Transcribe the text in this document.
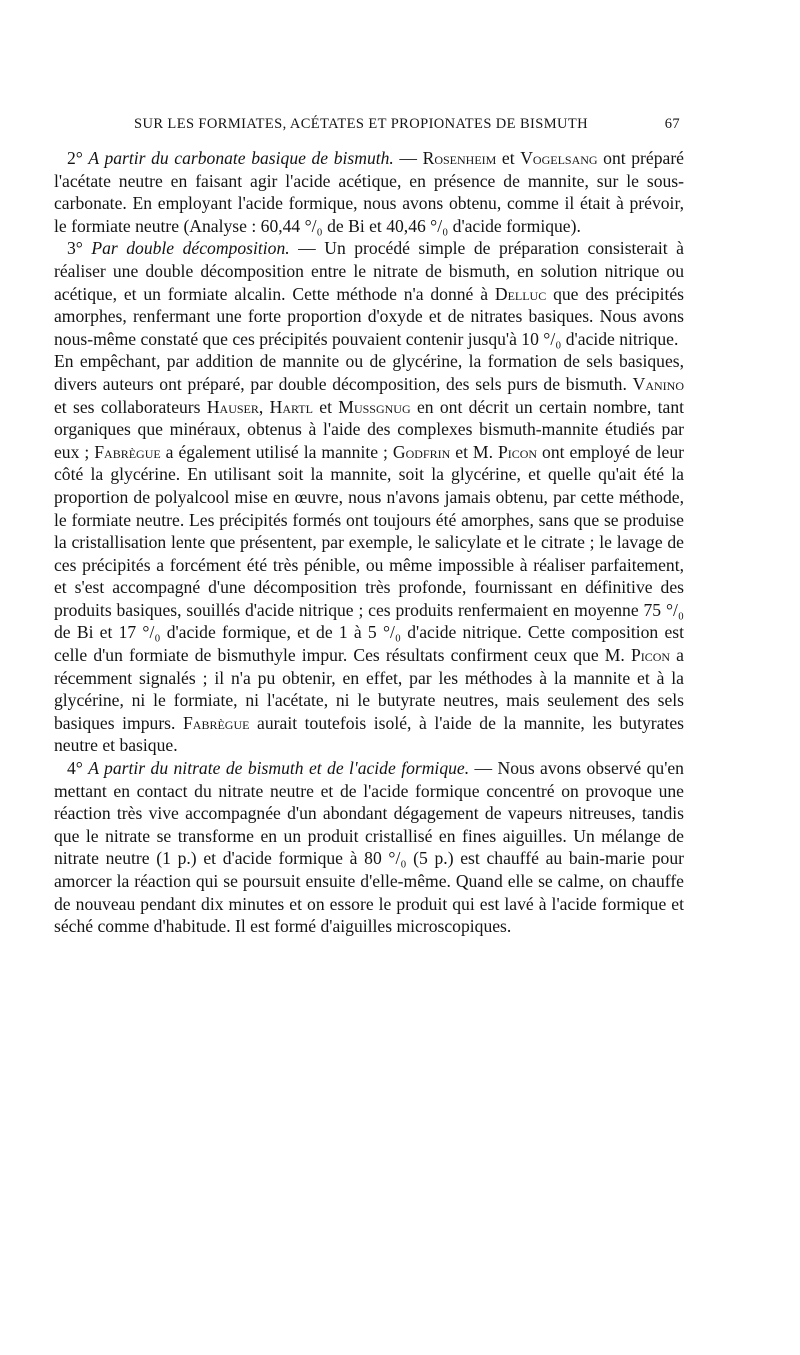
SUR LES FORMIATES, ACÉTATES ET PROPIONATES DE BISMUTH	67

2° A partir du carbonate basique de bismuth. — Rosenheim et Vogelsang ont préparé l'acétate neutre en faisant agir l'acide acétique, en présence de mannite, sur le sous-carbonate. En employant l'acide formique, nous avons obtenu, comme il était à prévoir, le formiate neutre (Analyse : 60,44 °/₀ de Bi et 40,46 °/₀ d'acide formique).

3° Par double décomposition. — Un procédé simple de préparation consisterait à réaliser une double décomposition entre le nitrate de bismuth, en solution nitrique ou acétique, et un formiate alcalin. Cette méthode n'a donné à Delluc que des précipités amorphes, renfermant une forte proportion d'oxyde et de nitrates basiques. Nous avons nous-même constaté que ces précipités pouvaient contenir jusqu'à 10 °/₀ d'acide nitrique.

En empêchant, par addition de mannite ou de glycérine, la formation de sels basiques, divers auteurs ont préparé, par double décomposition, des sels purs de bismuth. Vanino et ses collaborateurs Hauser, Hartl et Mussgnug en ont décrit un certain nombre, tant organiques que minéraux, obtenus à l'aide des complexes bismuth-mannite étudiés par eux ; Fabrègue a également utilisé la mannite ; Godfrin et M. Picon ont employé de leur côté la glycérine. En utilisant soit la mannite, soit la glycérine, et quelle qu'ait été la proportion de polyalcool mise en œuvre, nous n'avons jamais obtenu, par cette méthode, le formiate neutre. Les précipités formés ont toujours été amorphes, sans que se produise la cristallisation lente que présentent, par exemple, le salicylate et le citrate ; le lavage de ces précipités a forcément été très pénible, ou même impossible à réaliser parfaitement, et s'est accompagné d'une décomposition très profonde, fournissant en définitive des produits basiques, souillés d'acide nitrique ; ces produits renfermaient en moyenne 75 °/₀ de Bi et 17 °/₀ d'acide formique, et de 1 à 5 °/₀ d'acide nitrique. Cette composition est celle d'un formiate de bismuthyle impur. Ces résultats confirment ceux que M. Picon a récemment signalés ; il n'a pu obtenir, en effet, par les méthodes à la mannite et à la glycérine, ni le formiate, ni l'acétate, ni le butyrate neutres, mais seulement des sels basiques impurs. Fabrègue aurait toutefois isolé, à l'aide de la mannite, les butyrates neutre et basique.

4° A partir du nitrate de bismuth et de l'acide formique. — Nous avons observé qu'en mettant en contact du nitrate neutre et de l'acide formique concentré on provoque une réaction très vive accompagnée d'un abondant dégagement de vapeurs nitreuses, tandis que le nitrate se transforme en un produit cristallisé en fines aiguilles. Un mélange de nitrate neutre (1 p.) et d'acide formique à 80 °/₀ (5 p.) est chauffé au bain-marie pour amorcer la réaction qui se poursuit ensuite d'elle-même. Quand elle se calme, on chauffe de nouveau pendant dix minutes et on essore le produit qui est lavé à l'acide formique et séché comme d'habitude. Il est formé d'aiguilles microscopiques.
